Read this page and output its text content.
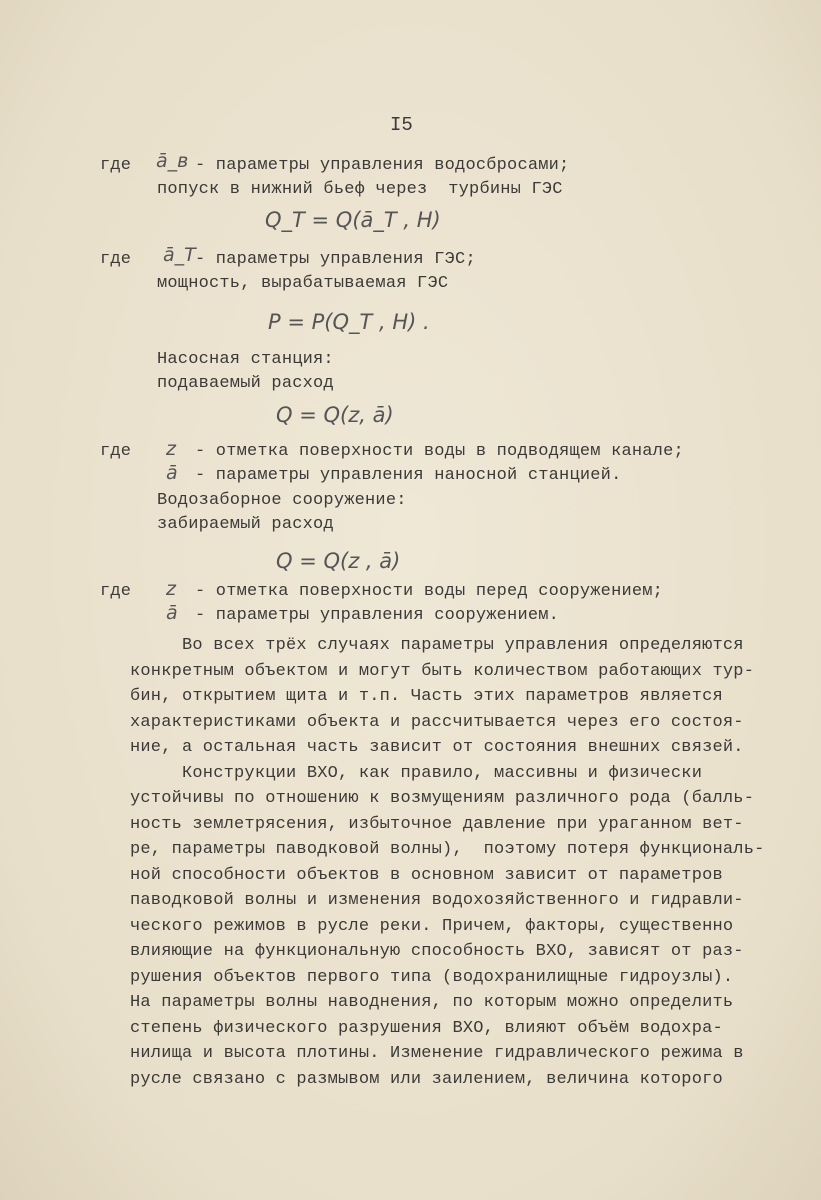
I5
где ā_в - параметры управления водосбросами;
попуск в нижний бьеф через  турбины ГЭС
Q_T = Q(ā_T , H)
где ā_T - параметры управления ГЭС;
мощность, вырабатываемая ГЭС
P = P(Q_T , H) .
Насосная станция:
подаваемый расход
Q = Q(z, ā)
где z - отметка поверхности воды в подводящем канале;
ā - параметры управления наносной станцией.
Водозаборное сооружение:
забираемый расход
Q = Q(z , ā)
где z - отметка поверхности воды перед сооружением;
ā - параметры управления сооружением.
Во всех трёх случаях параметры управления определяются
конкретным объектом и могут быть количеством работающих тур-
бин, открытием щита и т.п. Часть этих параметров является
характеристиками объекта и рассчитывается через его состоя-
ние, а остальная часть зависит от состояния внешних связей.
Конструкции ВХО, как правило, массивны и физически
устойчивы по отношению к возмущениям различного рода (балль-
ность землетрясения, избыточное давление при ураганном вет-
ре, параметры паводковой волны),  поэтому потеря функциональ-
ной способности объектов в основном зависит от параметров
паводковой волны и изменения водохозяйственного и гидравли-
ческого режимов в русле реки. Причем, факторы, существенно
влияющие на функциональную способность ВХО, зависят от раз-
рушения объектов первого типа (водохранилищные гидроузлы).
На параметры волны наводнения, по которым можно определить
степень физического разрушения ВХО, влияют объём водохра-
нилища и высота плотины. Изменение гидравлического режима в
русле связано с размывом или заилением, величина которого
